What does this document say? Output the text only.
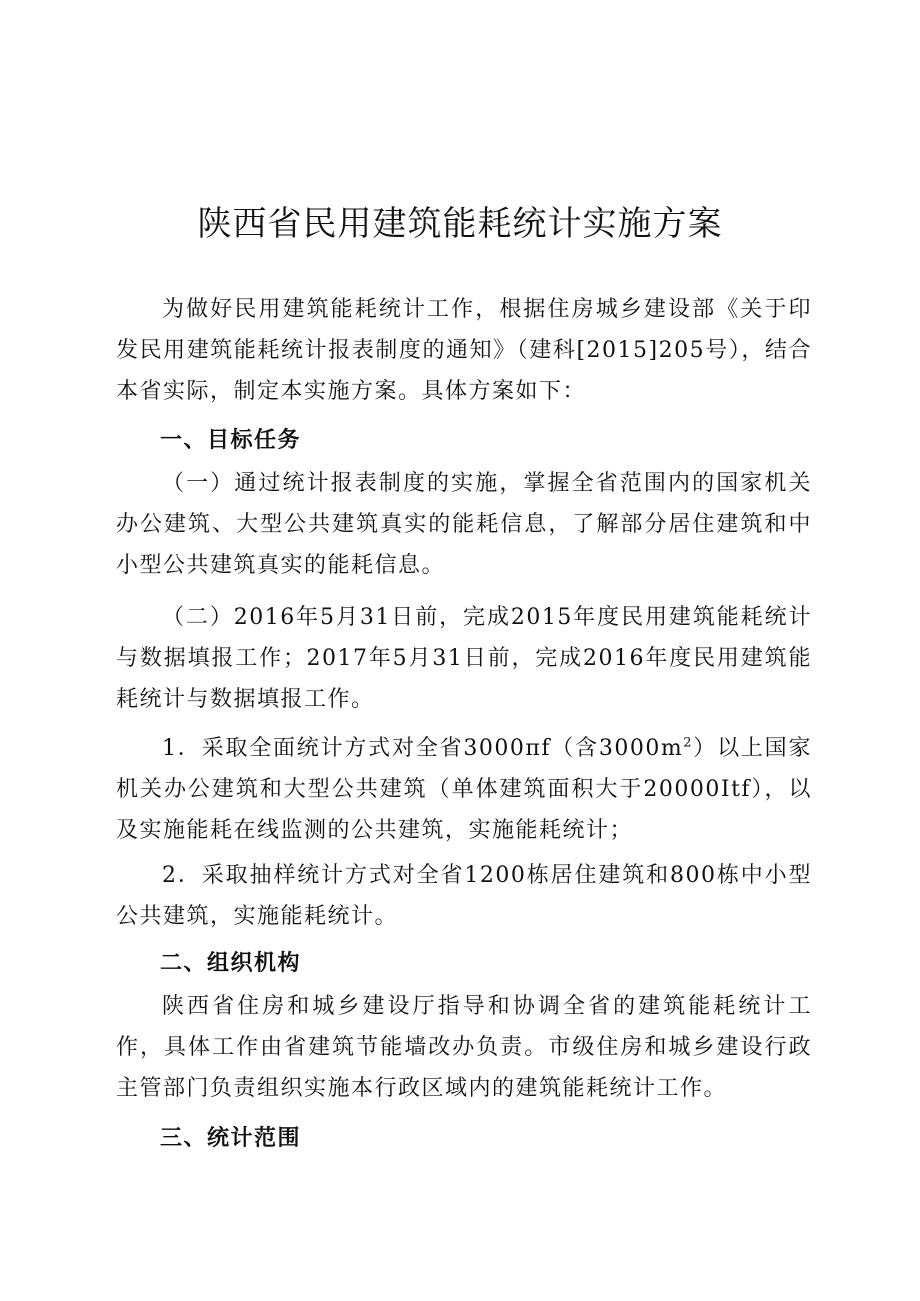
陕西省民用建筑能耗统计实施方案

为做好民用建筑能耗统计工作，根据住房城乡建设部《关于印发民用建筑能耗统计报表制度的通知》（建科[2015]205号），结合本省实际，制定本实施方案。具体方案如下：

一、目标任务

（一）通过统计报表制度的实施，掌握全省范围内的国家机关办公建筑、大型公共建筑真实的能耗信息，了解部分居住建筑和中小型公共建筑真实的能耗信息。

（二）2016年5月31日前，完成2015年度民用建筑能耗统计与数据填报工作；2017年5月31日前，完成2016年度民用建筑能耗统计与数据填报工作。

1．采取全面统计方式对全省3000πf（含$3000m^2$）以上国家机关办公建筑和大型公共建筑（单体建筑面积大于20000Itf），以及实施能耗在线监测的公共建筑，实施能耗统计；

2．采取抽样统计方式对全省1200栋居住建筑和800栋中小型公共建筑，实施能耗统计。

二、组织机构

陕西省住房和城乡建设厅指导和协调全省的建筑能耗统计工作，具体工作由省建筑节能墙改办负责。市级住房和城乡建设行政主管部门负责组织实施本行政区域内的建筑能耗统计工作。

三、统计范围
